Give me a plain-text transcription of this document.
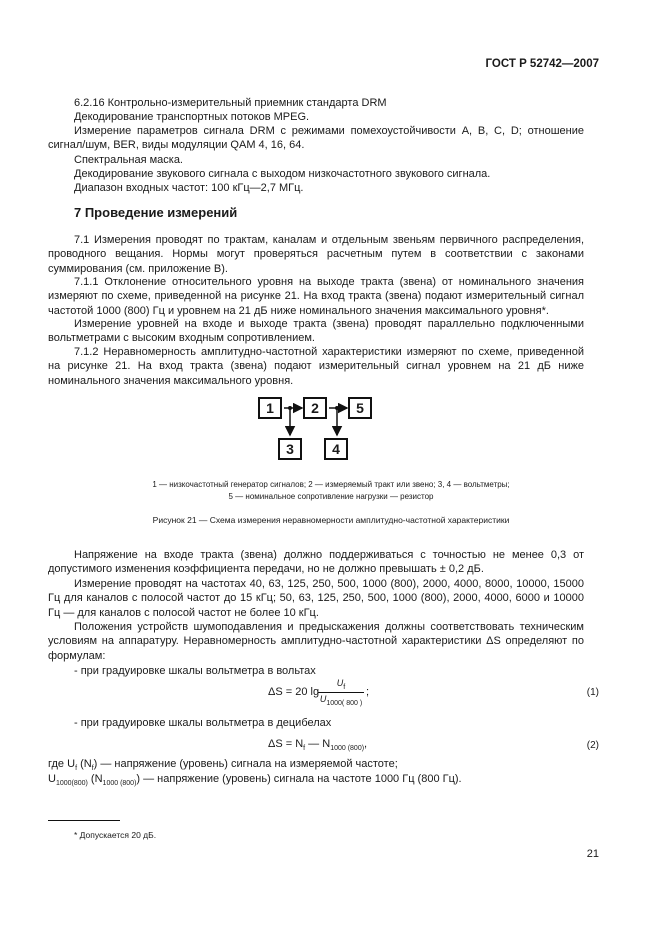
ГОСТ Р 52742—2007
6.2.16 Контрольно-измерительный приемник стандарта DRM
Декодирование транспортных потоков MPEG.
Измерение параметров сигнала DRM с режимами помехоустойчивости A, B, C, D; отношение сигнал/шум, BER, виды модуляции QAM 4, 16, 64.
Спектральная маска.
Декодирование звукового сигнала с выходом низкочастотного звукового сигнала.
Диапазон входных частот: 100 кГц—2,7 МГц.
7 Проведение измерений
7.1 Измерения проводят по трактам, каналам и отдельным звеньям первичного распределения, проводного вещания. Нормы могут проверяться расчетным путем в соответствии с законами суммирования (см. приложение В).
7.1.1 Отклонение относительного уровня на выходе тракта (звена) от номинального значения измеряют по схеме, приведенной на рисунке 21. На вход тракта (звена) подают измерительный сигнал частотой 1000 (800) Гц и уровнем на 21 дБ ниже номинального значения максимального уровня*.
Измерение уровней на входе и выходе тракта (звена) проводят параллельно подключенными вольтметрами с высоким входным сопротивлением.
7.1.2 Неравномерность амплитудно-частотной характеристики измеряют по схеме, приведенной на рисунке 21. На вход тракта (звена) подают измерительный сигнал уровнем на 21 дБ ниже номинального значения максимального уровня.
1	2	5
3	4
1 — низкочастотный генератор сигналов; 2 — измеряемый тракт или звено; 3, 4 — вольтметры;
5 — номинальное сопротивление нагрузки — резистор
Рисунок 21 — Схема измерения неравномерности амплитудно-частотной характеристики
Напряжение на входе тракта (звена) должно поддерживаться с точностью не менее 0,3 от допустимого изменения коэффициента передачи, но не должно превышать ± 0,2 дБ.
Измерение проводят на частотах 40, 63, 125, 250, 500, 1000 (800), 2000, 4000, 8000, 10000, 15000 Гц для каналов с полосой частот до 15 кГц; 50, 63, 125, 250, 500, 1000 (800), 2000, 4000, 6000 и 10000 Гц — для каналов с полосой частот не более 10 кГц.
Положения устройств шумоподавления и предыскажения должны соответствовать техническим условиям на аппаратуру. Неравномерность амплитудно-частотной характеристики ΔS определяют по формулам:
- при градуировке шкалы вольтметра в вольтах
ΔS = 20 lg
$U_f$
$U_{1000( 800 )}$
;	(1)
- при градуировке шкалы вольтметра в децибелах
$\Delta S = N_f$ — $N_{1000 (800)}$,	(2)
где $U_f$ $(N_f)$ — напряжение (уровень) сигнала на измеряемой частоте;
$U_{1000(800)}$ $(N_{1000 (800)})$ — напряжение (уровень) сигнала на частоте 1000 Гц (800 Гц).
* Допускается 20 дБ.
21
